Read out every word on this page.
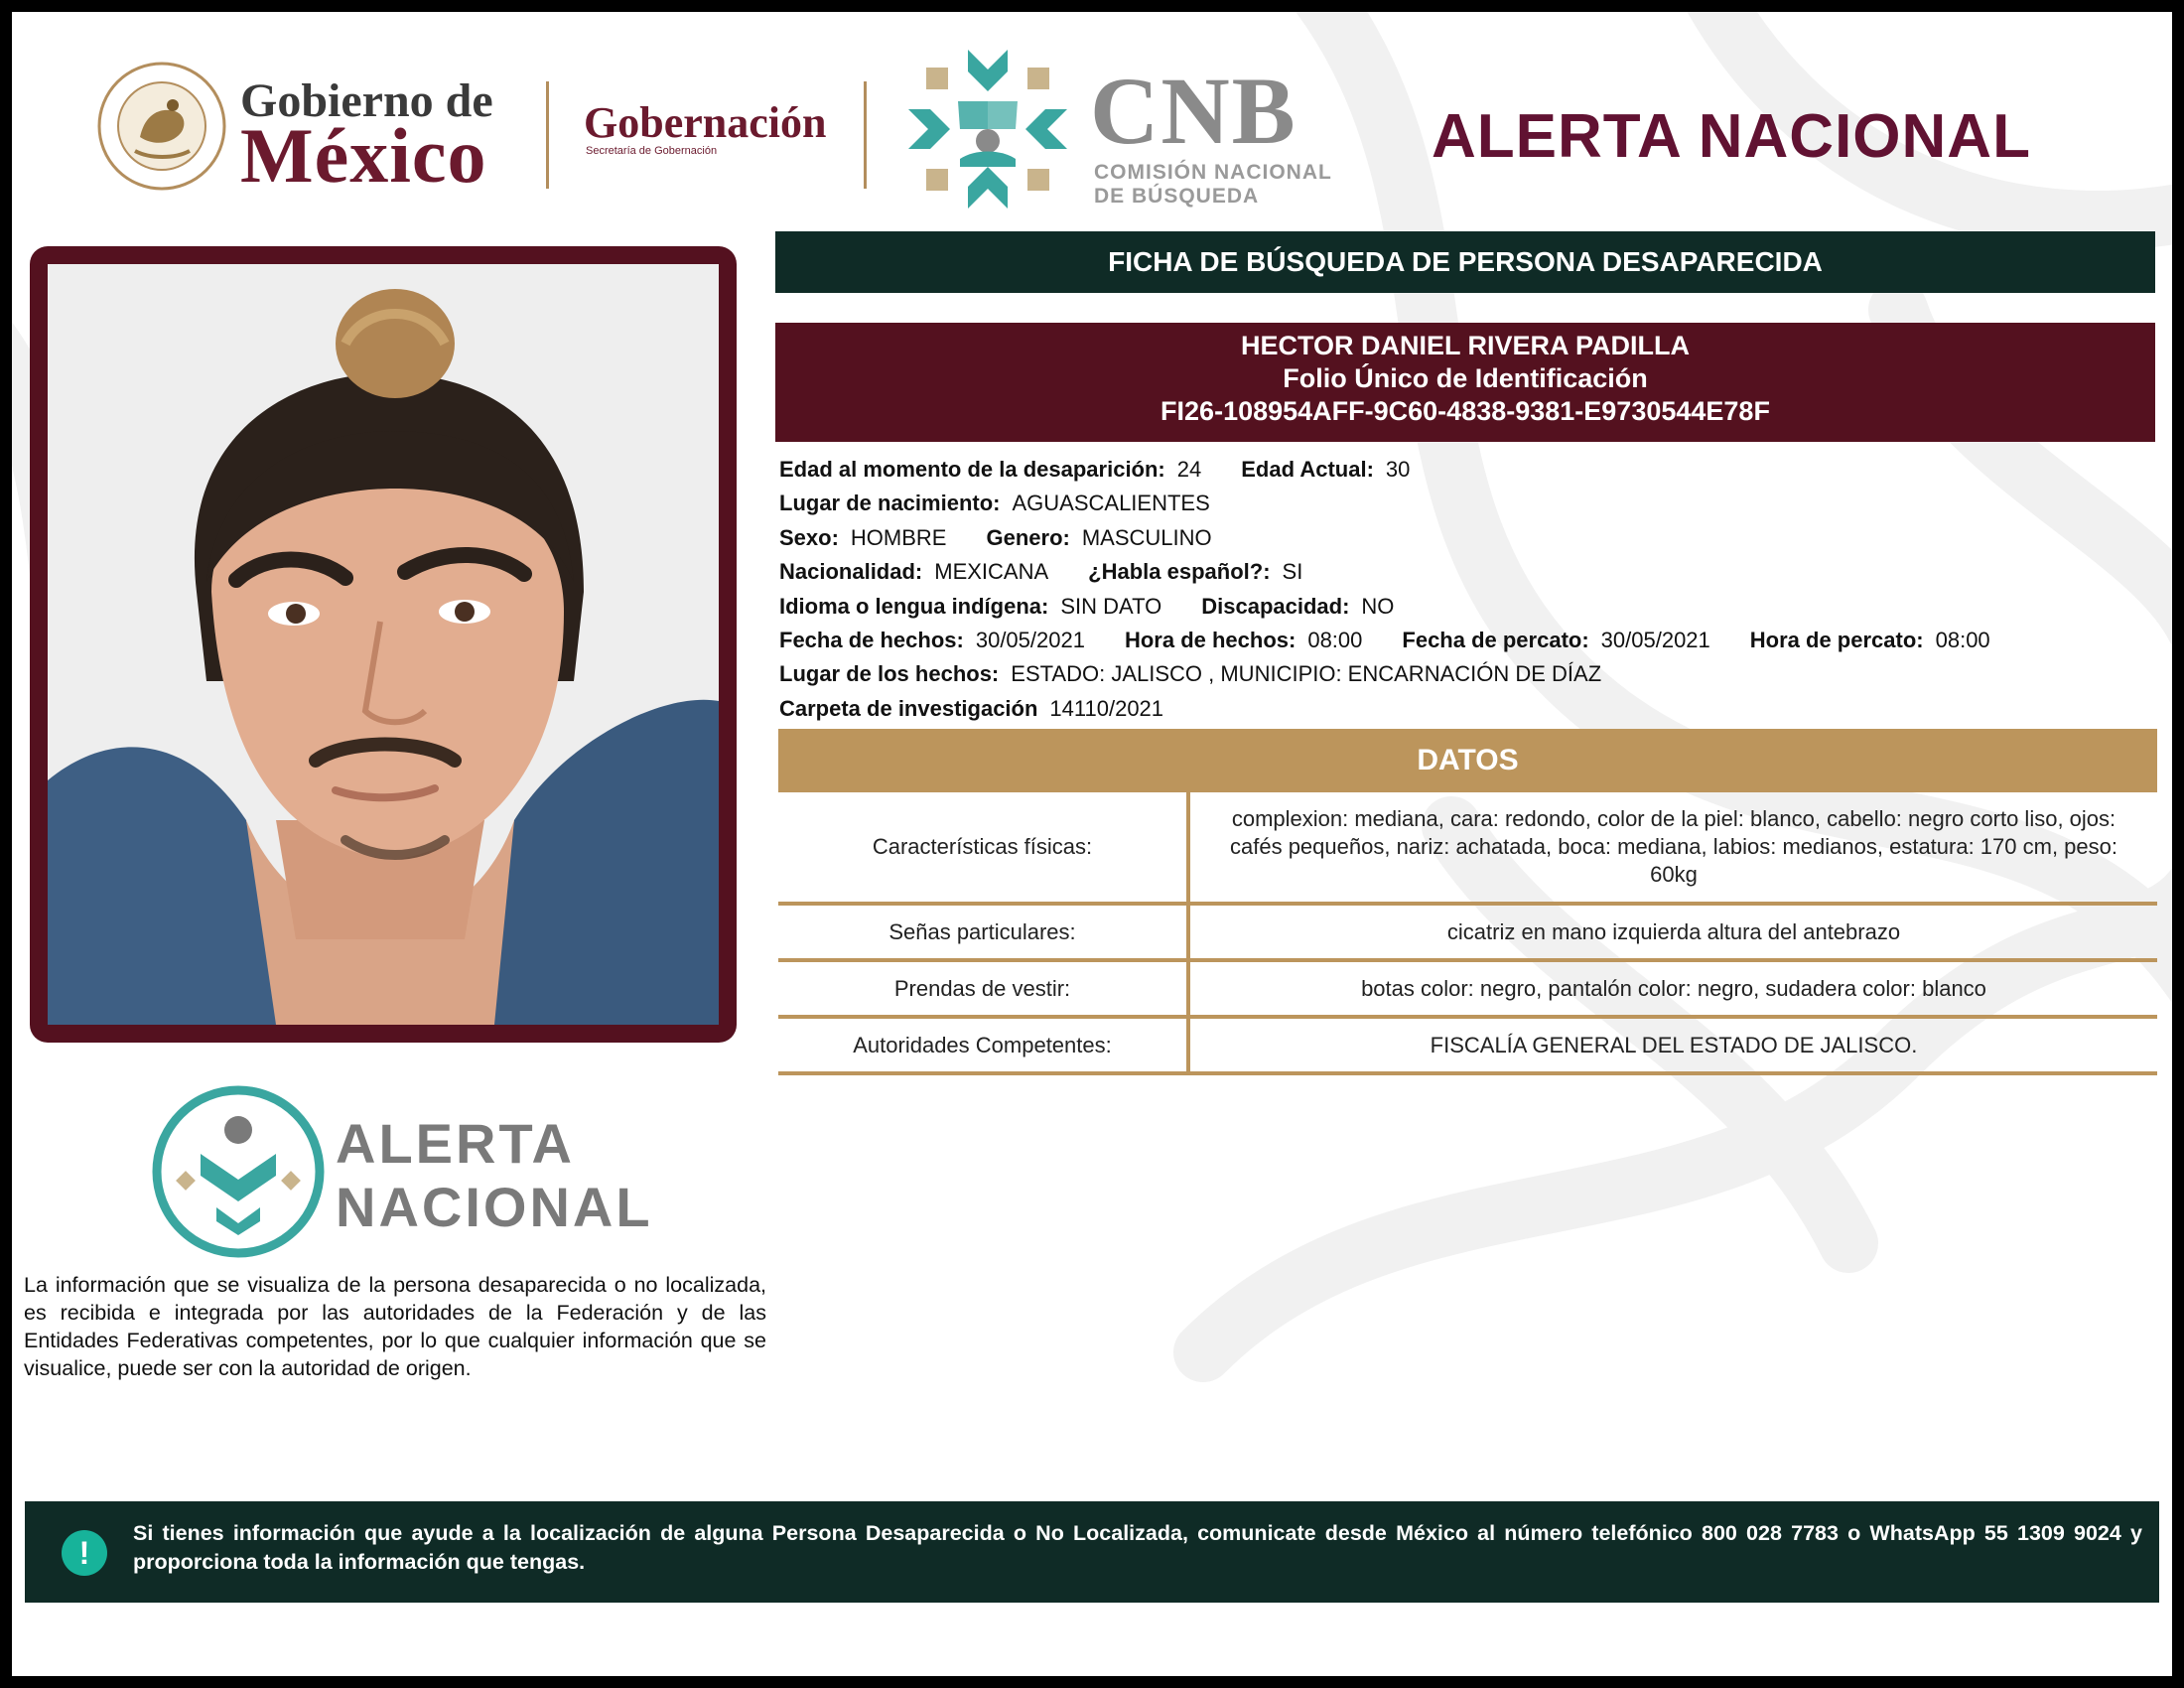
Gobierno de
México Gobernación
Secretaría de Gobernación	CNB
COMISIÓN NACIONAL
DE BÚSQUEDA
ALERTA NACIONAL
FICHA DE BÚSQUEDA DE PERSONA DESAPARECIDA
HECTOR DANIEL RIVERA PADILLA
Folio Único de Identificación
FI26-108954AFF-9C60-4838-9381-E9730544E78F
Edad al momento de la desaparición: 24 Edad Actual: 30
Lugar de nacimiento: AGUASCALIENTES
Sexo: HOMBRE Genero: MASCULINO
Nacionalidad: MEXICANA ¿Habla español?: SI
Idioma o lengua indígena: SIN DATO Discapacidad: NO
Fecha de hechos: 30/05/2021 Hora de hechos: 08:00 Fecha de percato: 30/05/2021 Hora de percato: 08:00
Lugar de los hechos: ESTADO: JALISCO , MUNICIPIO: ENCARNACIÓN DE DÍAZ
Carpeta de investigación 14110/2021
DATOS
Características físicas:
complexion: mediana, cara: redondo, color de la piel: blanco, cabello: negro corto liso, ojos: cafés pequeños, nariz: achatada, boca: mediana, labios: medianos, estatura: 170 cm, peso: 60kg
Señas particulares:	cicatriz en mano izquierda altura del antebrazo
Prendas de vestir:	botas color: negro, pantalón color: negro, sudadera color: blanco
Autoridades Competentes:	FISCALÍA GENERAL DEL ESTADO DE JALISCO.
ALERTA
NACIONAL
La información que se visualiza de la persona desaparecida o no localizada, es recibida e integrada por las autoridades de la Federación y de las Entidades Federativas competentes, por lo que cualquier información que se visualice, puede ser con la autoridad de origen.
!
Si tienes información que ayude a la localización de alguna Persona Desaparecida o No Localizada, comunicate desde México al número telefónico 800 028 7783 o WhatsApp 55 1309 9024 y proporciona toda la información que tengas.
